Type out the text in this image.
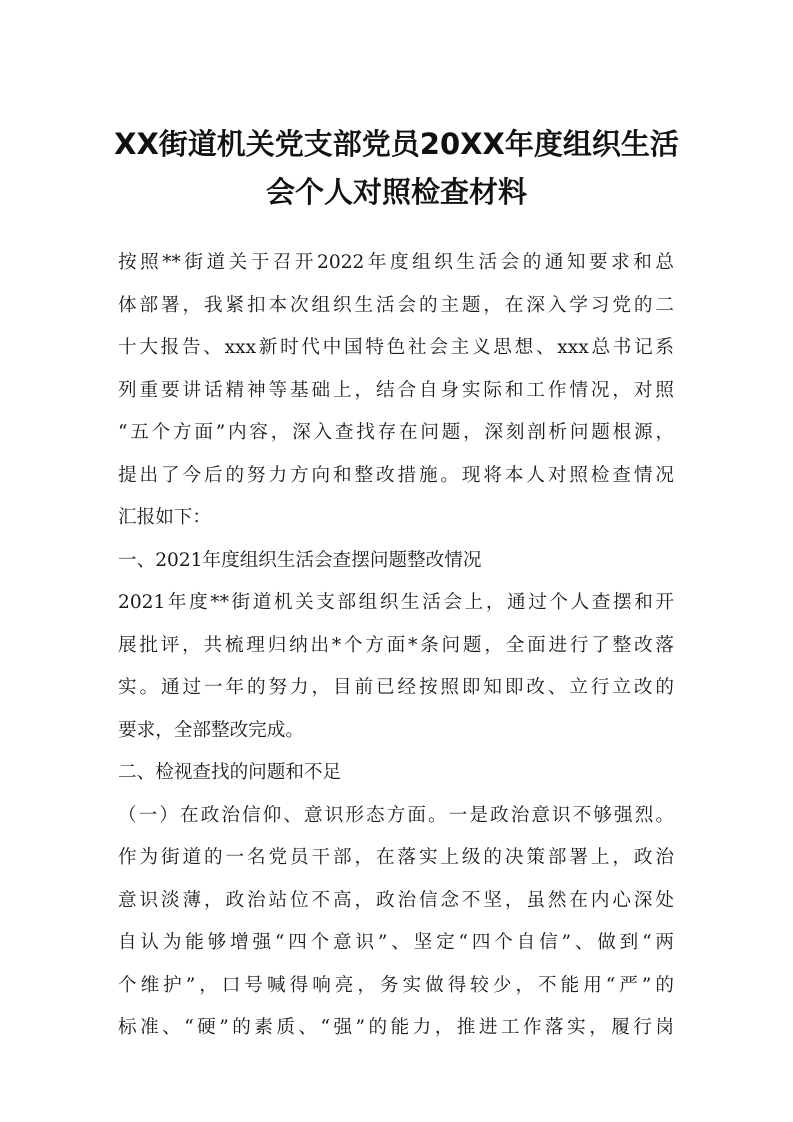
XX街道机关党支部党员20XX年度组织生活
会个人对照检查材料
按照**街道关于召开2022年度组织生活会的通知要求和总
体部署，我紧扣本次组织生活会的主题，在深入学习党的二
十大报告、xxx新时代中国特色社会主义思想、xxx总书记系
列重要讲话精神等基础上，结合自身实际和工作情况，对照
“五个方面”内容，深入查找存在问题，深刻剖析问题根源，
提出了今后的努力方向和整改措施。现将本人对照检查情况
汇报如下：
一、2021年度组织生活会查摆问题整改情况
2021年度**街道机关支部组织生活会上，通过个人查摆和开
展批评，共梳理归纳出*个方面*条问题，全面进行了整改落
实。通过一年的努力，目前已经按照即知即改、立行立改的
要求，全部整改完成。
二、检视查找的问题和不足
（一）在政治信仰、意识形态方面。一是政治意识不够强烈。
作为街道的一名党员干部，在落实上级的决策部署上，政治
意识淡薄，政治站位不高，政治信念不坚，虽然在内心深处
自认为能够增强“四个意识”、坚定“四个自信”、做到“两
个维护”，口号喊得响亮，务实做得较少，不能用“严”的
标准、“硬”的素质、“强”的能力，推进工作落实，履行岗
